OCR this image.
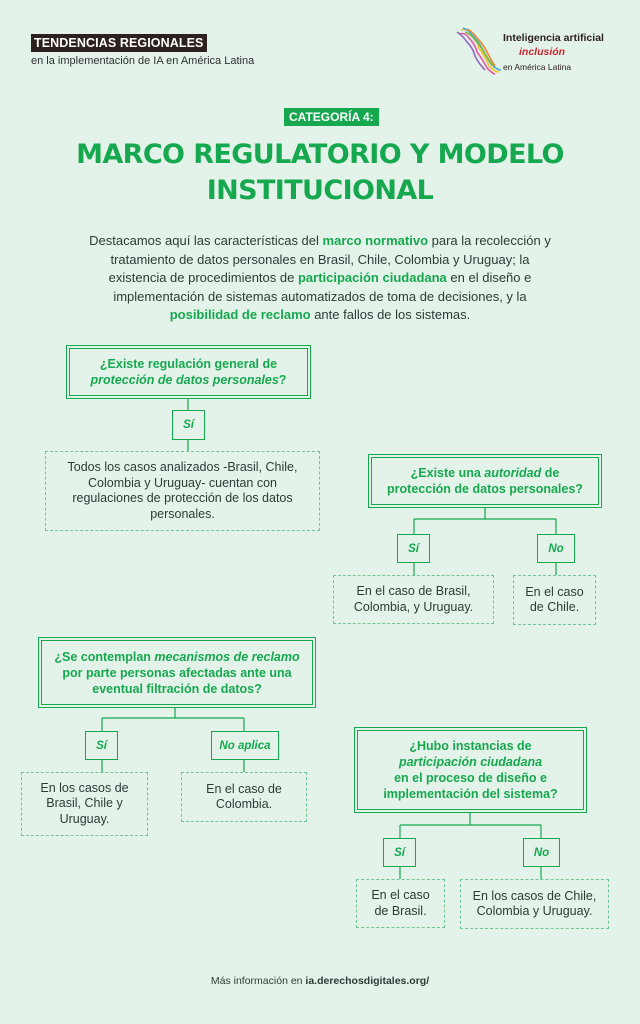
TENDENCIAS REGIONALES
en la implementación de IA en América Latina
Inteligencia artificial
inclusión
en América Latina
CATEGORÍA 4:
MARCO REGULATORIO Y MODELO INSTITUCIONAL
Destacamos aquí las características del marco normativo para la recolección y tratamiento de datos personales en Brasil, Chile, Colombia y Uruguay; la existencia de procedimientos de participación ciudadana en el diseño e implementación de sistemas automatizados de toma de decisiones, y la posibilidad de reclamo ante fallos de los sistemas.
¿Existe regulación general de
protección de datos personales?
Sí
Todos los casos analizados -Brasil, Chile, Colombia y Uruguay- cuentan con regulaciones de protección de los datos personales.
¿Existe una autoridad de
protección de datos personales?
Sí	No
En el caso de Brasil, Colombia, y Uruguay.
En el caso de Chile.
¿Se contemplan mecanismos de reclamo por parte personas afectadas ante una eventual filtración de datos?
Sí	No aplica
En los casos de Brasil, Chile y Uruguay.
En el caso de Colombia.
¿Hubo instancias de
participación ciudadana
en el proceso de diseño e implementación del sistema?
Sí	No
En el caso de Brasil.
En los casos de Chile, Colombia y Uruguay.
Más información en ia.derechosdigitales.org/
